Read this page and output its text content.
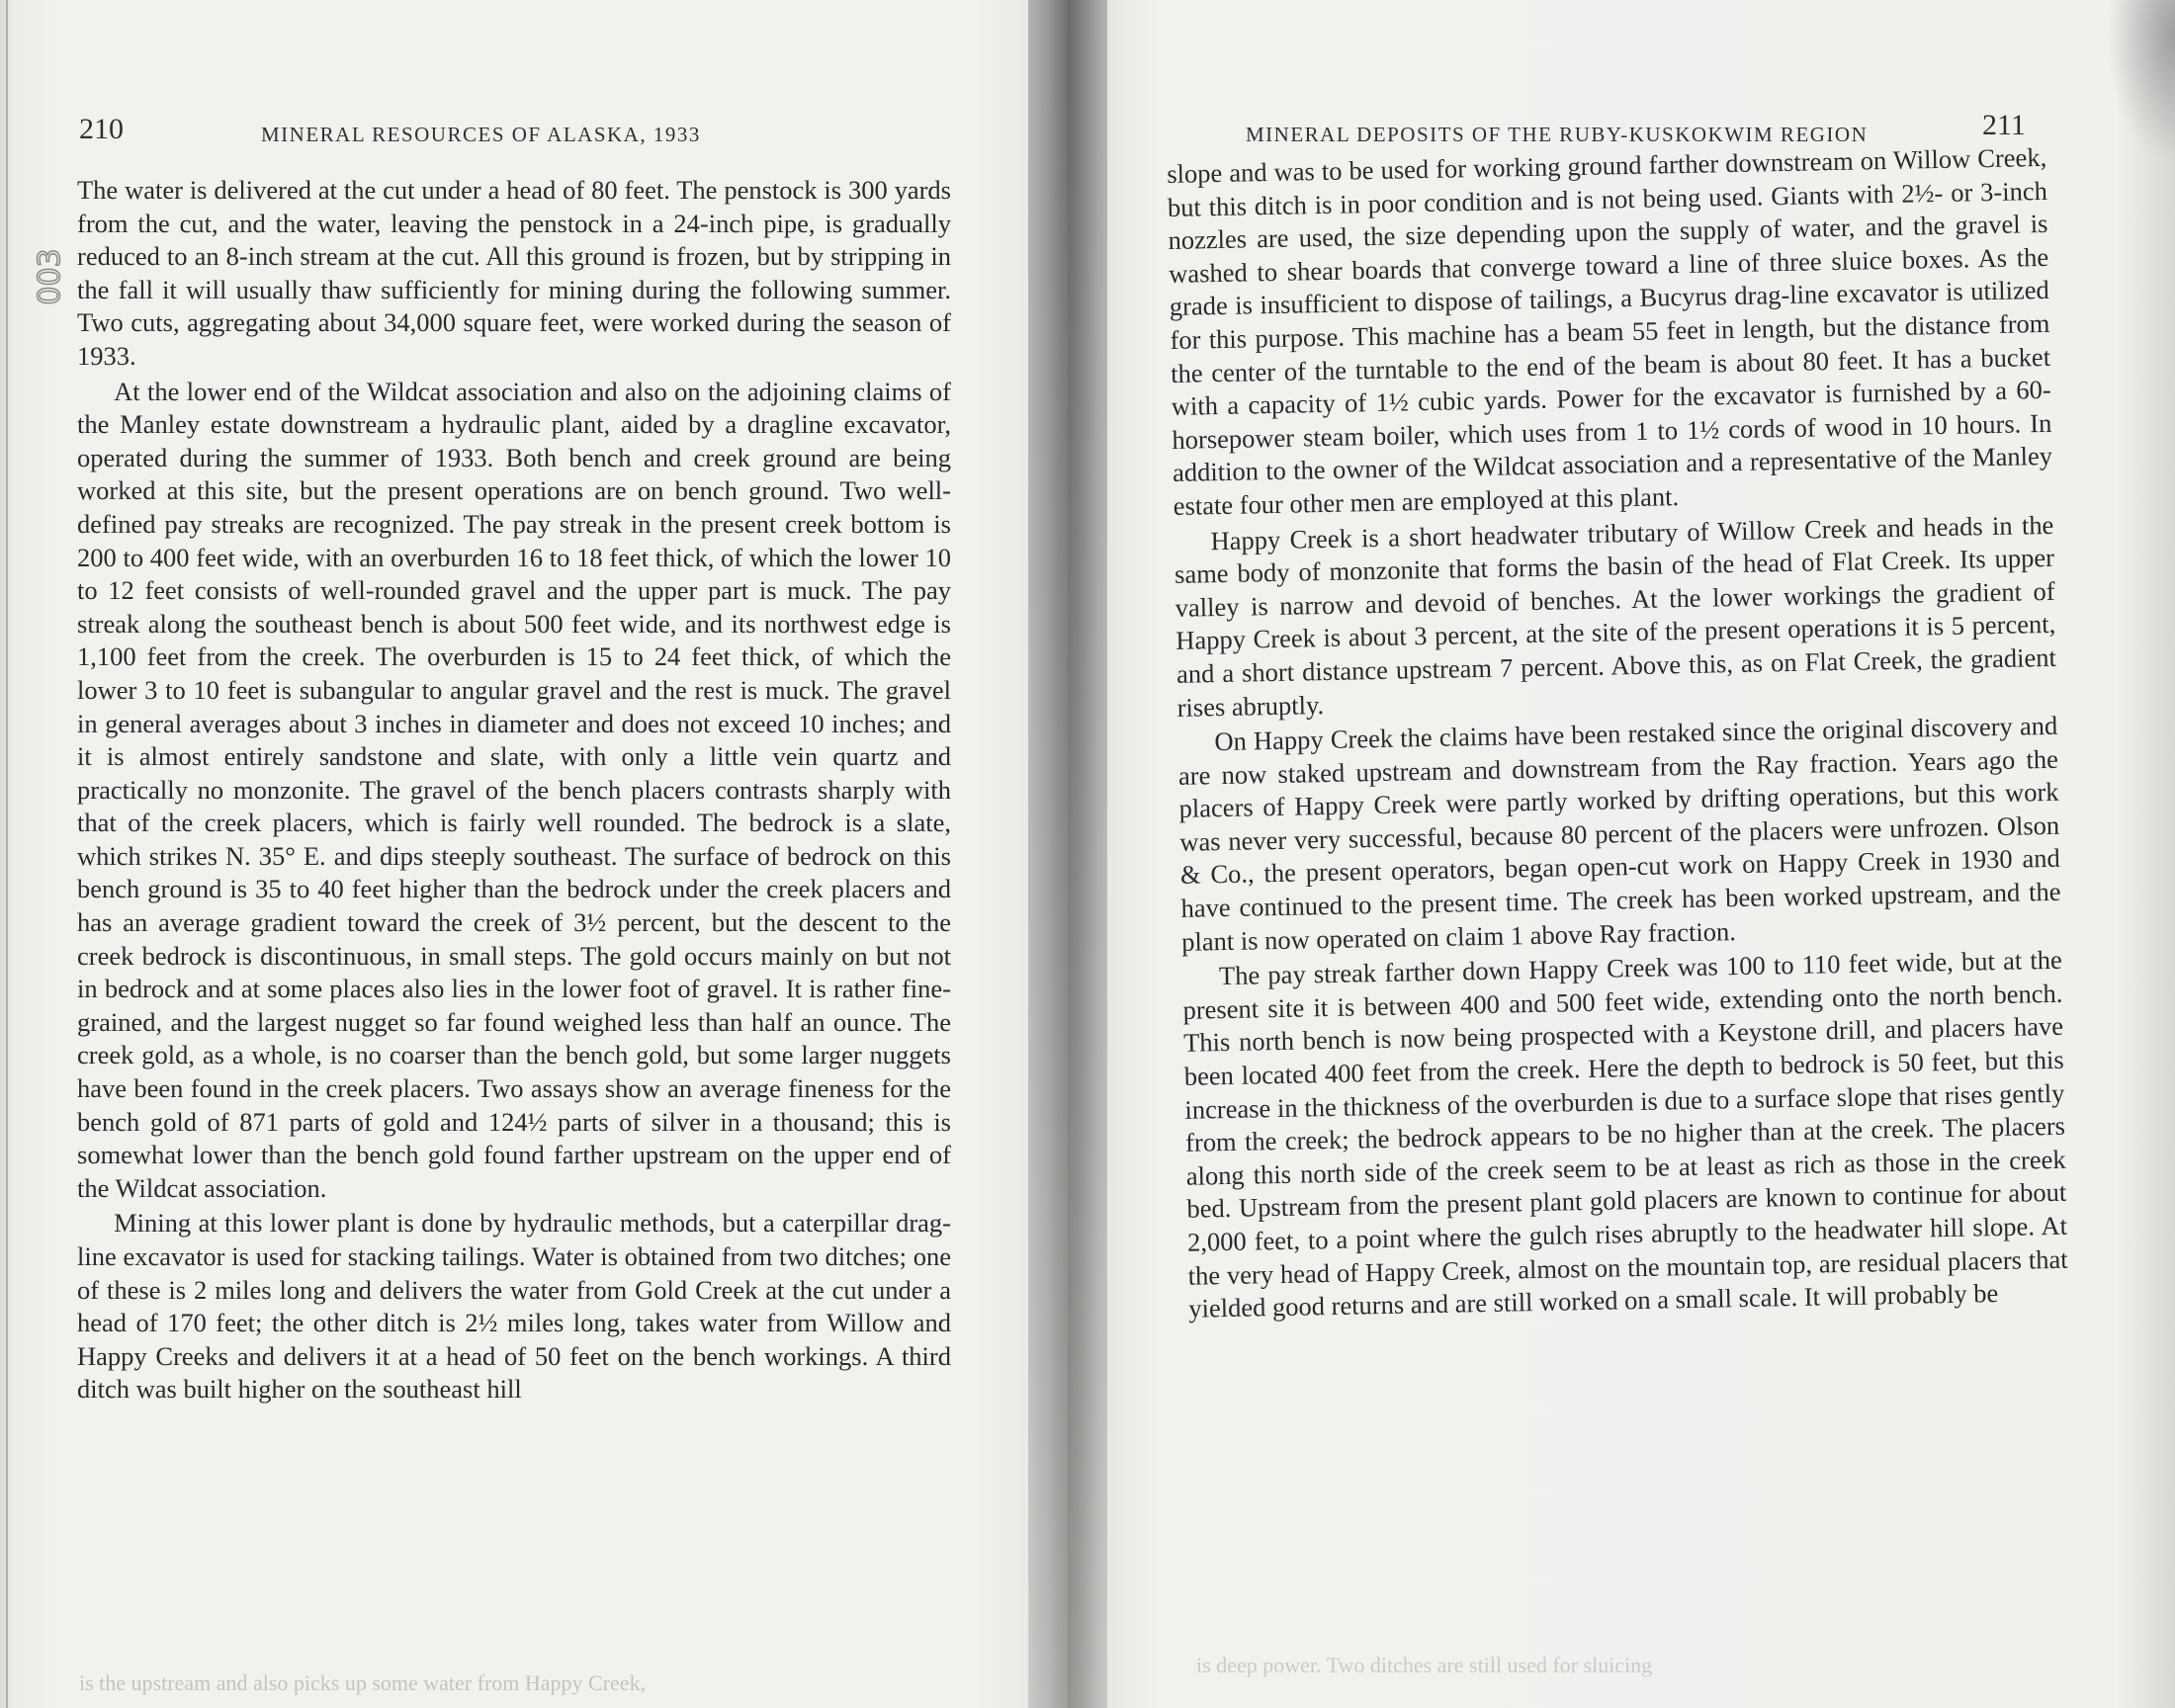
210	MINERAL RESOURCES OF ALASKA, 1933
003

The water is delivered at the cut under a head of 80 feet. The penstock is 300 yards from the cut, and the water, leaving the penstock in a 24-inch pipe, is gradually reduced to an 8-inch stream at the cut. All this ground is frozen, but by stripping in the fall it will usually thaw sufficiently for mining during the following summer. Two cuts, aggregating about 34,000 square feet, were worked during the season of 1933.

At the lower end of the Wildcat association and also on the adjoining claims of the Manley estate downstream a hydraulic plant, aided by a dragline excavator, operated during the summer of 1933. Both bench and creek ground are being worked at this site, but the present operations are on bench ground. Two well-defined pay streaks are recognized. The pay streak in the present creek bottom is 200 to 400 feet wide, with an overburden 16 to 18 feet thick, of which the lower 10 to 12 feet consists of well-rounded gravel and the upper part is muck. The pay streak along the southeast bench is about 500 feet wide, and its northwest edge is 1,100 feet from the creek. The overburden is 15 to 24 feet thick, of which the lower 3 to 10 feet is subangular to angular gravel and the rest is muck. The gravel in general averages about 3 inches in diameter and does not exceed 10 inches; and it is almost entirely sandstone and slate, with only a little vein quartz and practically no monzonite. The gravel of the bench placers contrasts sharply with that of the creek placers, which is fairly well rounded. The bedrock is a slate, which strikes N. 35° E. and dips steeply southeast. The surface of bedrock on this bench ground is 35 to 40 feet higher than the bedrock under the creek placers and has an average gradient toward the creek of 3½ percent, but the descent to the creek bedrock is discontinuous, in small steps. The gold occurs mainly on but not in bedrock and at some places also lies in the lower foot of gravel. It is rather fine-grained, and the largest nugget so far found weighed less than half an ounce. The creek gold, as a whole, is no coarser than the bench gold, but some larger nuggets have been found in the creek placers. Two assays show an average fineness for the bench gold of 871 parts of gold and 124½ parts of silver in a thousand; this is somewhat lower than the bench gold found farther upstream on the upper end of the Wildcat association.

Mining at this lower plant is done by hydraulic methods, but a caterpillar drag-line excavator is used for stacking tailings. Water is obtained from two ditches; one of these is 2 miles long and delivers the water from Gold Creek at the cut under a head of 170 feet; the other ditch is 2½ miles long, takes water from Willow and Happy Creeks and delivers it at a head of 50 feet on the bench workings. A third ditch was built higher on the southeast hill

is the upstream and also picks up some water from Happy Creek,
MINERAL DEPOSITS OF THE RUBY-KUSKOKWIM REGION	211

slope and was to be used for working ground farther downstream on Willow Creek, but this ditch is in poor condition and is not being used. Giants with 2½- or 3-inch nozzles are used, the size depending upon the supply of water, and the gravel is washed to shear boards that converge toward a line of three sluice boxes. As the grade is insufficient to dispose of tailings, a Bucyrus drag-line excavator is utilized for this purpose. This machine has a beam 55 feet in length, but the distance from the center of the turntable to the end of the beam is about 80 feet. It has a bucket with a capacity of 1½ cubic yards. Power for the excavator is furnished by a 60-horsepower steam boiler, which uses from 1 to 1½ cords of wood in 10 hours. In addition to the owner of the Wildcat association and a representative of the Manley estate four other men are employed at this plant.

Happy Creek is a short headwater tributary of Willow Creek and heads in the same body of monzonite that forms the basin of the head of Flat Creek. Its upper valley is narrow and devoid of benches. At the lower workings the gradient of Happy Creek is about 3 percent, at the site of the present operations it is 5 percent, and a short distance upstream 7 percent. Above this, as on Flat Creek, the gradient rises abruptly.

On Happy Creek the claims have been restaked since the original discovery and are now staked upstream and downstream from the Ray fraction. Years ago the placers of Happy Creek were partly worked by drifting operations, but this work was never very successful, because 80 percent of the placers were unfrozen. Olson & Co., the present operators, began open-cut work on Happy Creek in 1930 and have continued to the present time. The creek has been worked upstream, and the plant is now operated on claim 1 above Ray fraction.

The pay streak farther down Happy Creek was 100 to 110 feet wide, but at the present site it is between 400 and 500 feet wide, extending onto the north bench. This north bench is now being prospected with a Keystone drill, and placers have been located 400 feet from the creek. Here the depth to bedrock is 50 feet, but this increase in the thickness of the overburden is due to a surface slope that rises gently from the creek; the bedrock appears to be no higher than at the creek. The placers along this north side of the creek seem to be at least as rich as those in the creek bed. Upstream from the present plant gold placers are known to continue for about 2,000 feet, to a point where the gulch rises abruptly to the headwater hill slope. At the very head of Happy Creek, almost on the mountain top, are residual placers that yielded good returns and are still worked on a small scale. It will probably be

is deep power. Two ditches are still used for sluicing
